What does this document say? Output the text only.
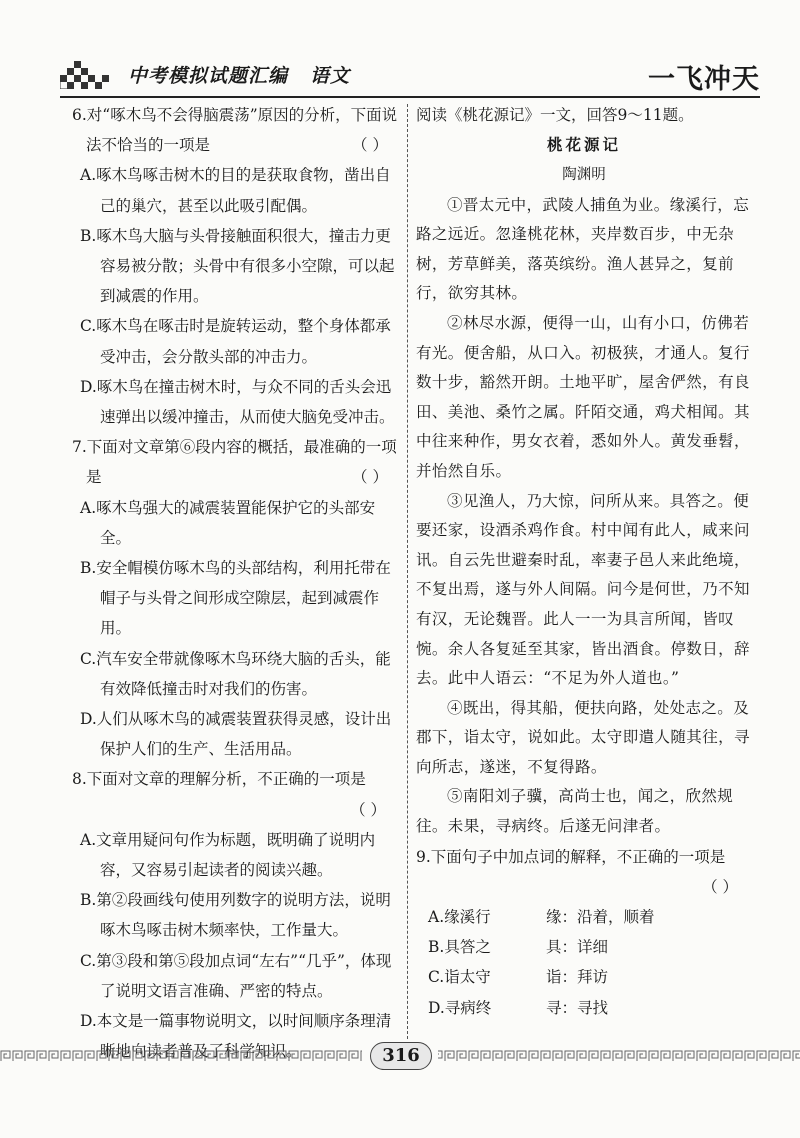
中考模拟试题汇编 语文	一飞冲天

6.对“啄木鸟不会得脑震荡”原因的分析，下面说法不恰当的一项是	（ ）

A.啄木鸟啄击树木的目的是获取食物，凿出自己的巢穴，甚至以此吸引配偶。

B.啄木鸟大脑与头骨接触面积很大，撞击力更容易被分散；头骨中有很多小空隙，可以起到减震的作用。

C.啄木鸟在啄击时是旋转运动，整个身体都承受冲击，会分散头部的冲击力。

D.啄木鸟在撞击树木时，与众不同的舌头会迅速弹出以缓冲撞击，从而使大脑免受冲击。

7.下面对文章第⑥段内容的概括，最准确的一项是	（ ）

A.啄木鸟强大的减震装置能保护它的头部安全。

B.安全帽模仿啄木鸟的头部结构，利用托带在帽子与头骨之间形成空隙层，起到减震作用。

C.汽车安全带就像啄木鸟环绕大脑的舌头，能有效降低撞击时对我们的伤害。

D.人们从啄木鸟的减震装置获得灵感，设计出保护人们的生产、生活用品。

8.下面对文章的理解分析，不正确的一项是

（ ）

A.文章用疑问句作为标题，既明确了说明内容，又容易引起读者的阅读兴趣。

B.第②段画线句使用列数字的说明方法，说明啄木鸟啄击树木频率快，工作量大。

C.第③段和第⑤段加点词“左右”“几乎”，体现了说明文语言准确、严密的特点。

D.本文是一篇事物说明文，以时间顺序条理清

阅读《桃花源记》一文，回答9～11题。

桃花源记

陶渊明

①晋太元中，武陵人捕鱼为业。缘溪行，忘路之远近。忽逢桃花林，夹岸数百步，中无杂树，芳草鲜美，落英缤纷。渔人甚异之，复前行，欲穷其林。

②林尽水源，便得一山，山有小口，仿佛若有光。便舍船，从口入。初极狭，才通人。复行数十步，豁然开朗。土地平旷，屋舍俨然，有良田、美池、桑竹之属。阡陌交通，鸡犬相闻。其中往来种作，男女衣着，悉如外人。黄发垂髫，并怡然自乐。

③见渔人，乃大惊，问所从来。具答之。便要还家，设酒杀鸡作食。村中闻有此人，咸来问讯。自云先世避秦时乱，率妻子邑人来此绝境，不复出焉，遂与外人间隔。问今是何世，乃不知有汉，无论魏晋。此人一一为具言所闻，皆叹惋。余人各复延至其家，皆出酒食。停数日，辞去。此中人语云：“不足为外人道也。”

④既出，得其船，便扶向路，处处志之。及郡下，诣太守，说如此。太守即遣人随其往，寻向所志，遂迷，不复得路。

⑤南阳刘子骥，高尚士也，闻之，欣然规往。未果，寻病终。后遂无问津者。

9.下面句子中加点词的解释，不正确的一项是

（ ）

A.缘溪行	缘：沿着，顺着
B.具答之	具：详细
C.诣太守	诣：拜访
D.寻病终	寻：寻找
316
